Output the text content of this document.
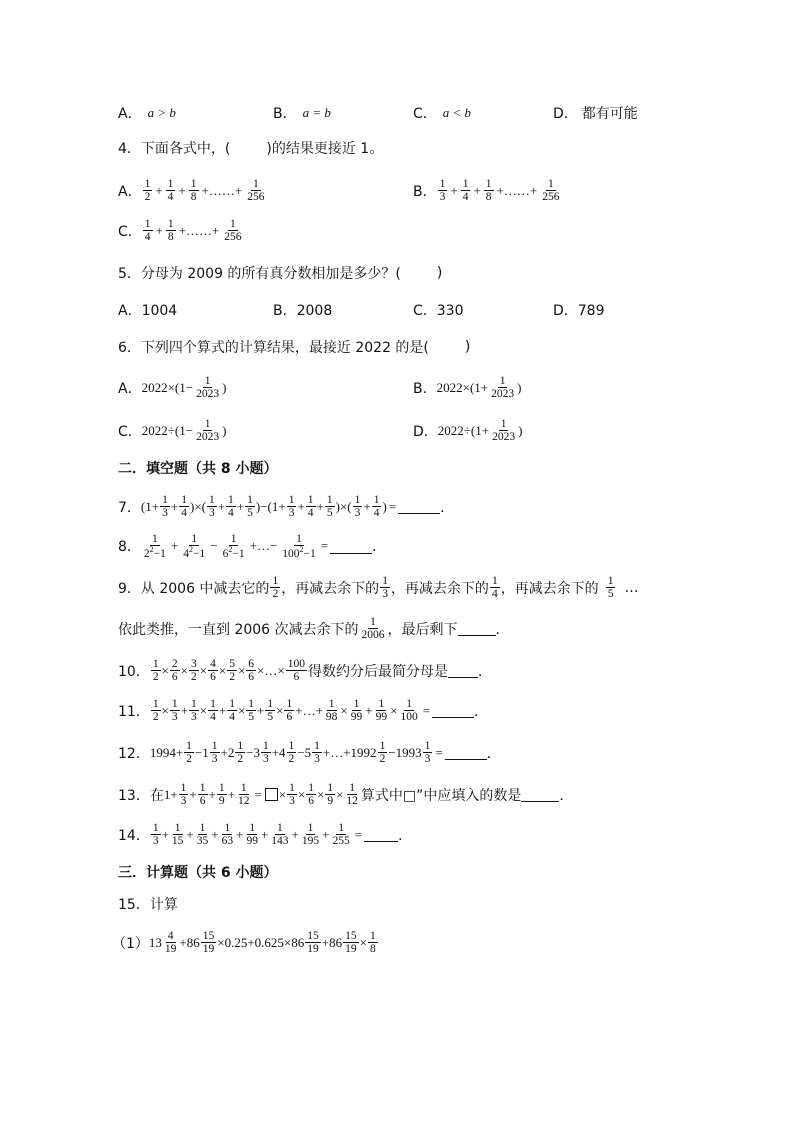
A． a > b	B． a = b	C． a < b	D． 都有可能
4．下面各式中，(	)的结果更接近 1。
A． $\frac{1}{2} + \frac{1}{4} + \frac{1}{8}$ +……+ $\frac{1}{256}$	B． $\frac{1}{3} + \frac{1}{4} + \frac{1}{8}$ +……+ $\frac{1}{256}$
C． $\frac{1}{4} + \frac{1}{8}$ +……+ $\frac{1}{256}$
5．分母为 2009 的所有真分数相加是多少？(	)
A．1004	B．2008	C．330	D．789
6．下列四个算式的计算结果，最接近 2022 的是(	)
A． $2022\times(1- \frac{1}{2023}$ )	B． $2022\times(1+ \frac{1}{2023}$ )
C． $2022\div(1- \frac{1}{2023}$ )	D． $2022\div(1+ \frac{1}{2023}$ )
二．填空题（共 8 小题）
7． ($1+ \frac{1}{3} + \frac{1}{4}$ )×( $\frac{1}{3} + \frac{1}{4} + \frac{1}{5} )-(1+ \frac{1}{3} + \frac{1}{4} + \frac{1}{5}$ )×( $\frac{1}{3} + \frac{1}{4}$ ) =	．
8． $\frac{1}{2^2-1} + \frac{1}{4^2-1} - \frac{1}{6^2-1}$ +…− $\frac{1}{100^2-1}$ =	．
9．从 2006 中减去它的 $\frac{1}{2}$ ，再减去余下的 $\frac{1}{3}$ ，再减去余下的 $\frac{1}{4}$ ，再减去余下的 $\frac{1}{5}$ …
依此类推，一直到 2006 次减去余下的 $\frac{1}{2006}$ ，最后剩下	．
10． $\frac{1}{2} \times \frac{2}{6} \times \frac{3}{2} \times \frac{4}{6} \times \frac{5}{2} \times \frac{6}{6}$ ×…× $\frac{100}{6}$ 得数约分后最简分母是 ．
11． $\frac{1}{2} \times \frac{1}{3} + \frac{1}{3} \times \frac{1}{4} + \frac{1}{4} \times \frac{1}{5} + \frac{1}{5} \times \frac{1}{6}$ +…+ $\frac{1}{98} \times \frac{1}{99} + \frac{1}{99} \times \frac{1}{100}$ =	．
12． $1994+ \frac{1}{2} -1 \frac{1}{3} +2 \frac{1}{2} -3 \frac{1}{3} +4 \frac{1}{2} -5 \frac{1}{3}$ +…+1992 $\frac{1}{2} -1993 \frac{1}{3}$ =	．
13．在 $1+ \frac{1}{3} + \frac{1}{6} + \frac{1}{9} + \frac{1}{12}$ = × $\frac{1}{3} \times \frac{1}{6} \times \frac{1}{9} \times \frac{1}{12}$ 算式中□”中应填入的数是	．
14． $\frac{1}{3} + \frac{1}{15} + \frac{1}{35} + \frac{1}{63} + \frac{1}{99} + \frac{1}{143} + \frac{1}{195} + \frac{1}{255}$ =	．
三．计算题（共 6 小题）
15．计算
（1） $13 \frac{4}{19} +86 \frac{15}{19} \times 0.25+0.625\times 86 \frac{15}{19} +86 \frac{15}{19} \times \frac{1}{8}$
